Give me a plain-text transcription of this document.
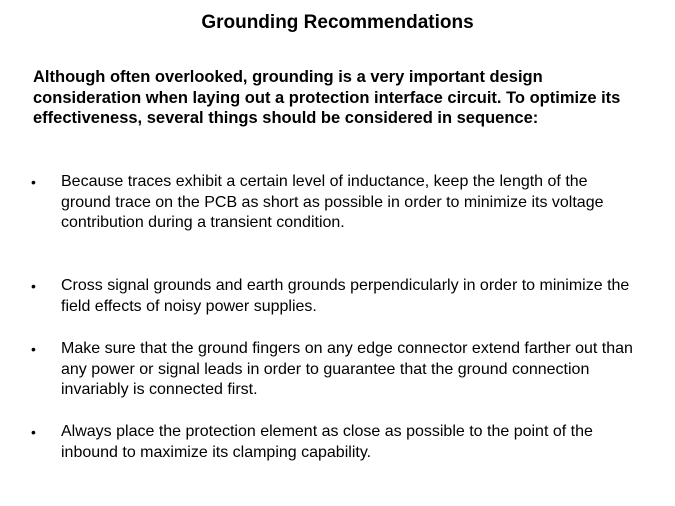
Grounding Recommendations
Although often overlooked, grounding is a very important design consideration when laying out a protection interface circuit. To optimize its effectiveness, several things should be considered in sequence:
• Because traces exhibit a certain level of inductance, keep the length of the ground trace on the PCB as short as possible in order to minimize its voltage contribution during a transient condition.
• Cross signal grounds and earth grounds perpendicularly in order to minimize the field effects of noisy power supplies.
• Make sure that the ground fingers on any edge connector extend farther out than any power or signal leads in order to guarantee that the ground connection invariably is connected first.
• Always place the protection element as close as possible to the point of the inbound to maximize its clamping capability.
